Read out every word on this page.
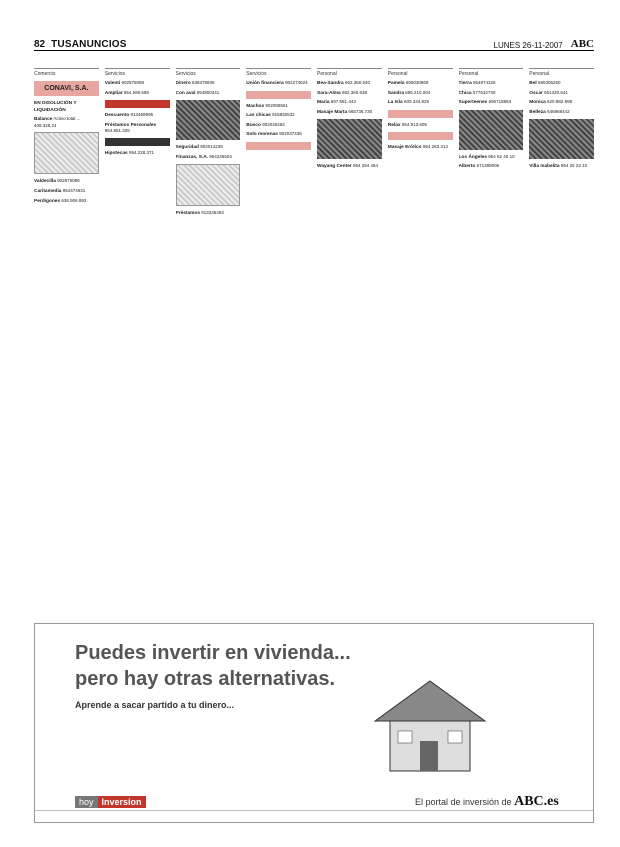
82 TUSANUNCIOS	LUNES 26-11-2007 ABC
Comercio
CONAVI, S.A.

EN DISOLUCIÓN Y LIQUIDACIÓN

Balance Activo total ... 409.328,24

Valdecilla 902875088

Caritamedia 954474631

Perdigones 636.906.893

Servicios

Valenti 902875088

Ampliar 954.599.598

Descuento 913469995

Préstamos Personales 954.851.326

Hipotecas 954.228.371

Servicios

Dinero 639378935

Con aval 954800341

Seguridad 902014235

Finanzas, S.A. 954226604

Préstamos 913335493

Servicios

Unión financiera 902274624

Machos 902055561

Las chicas 915830532

Busco 902026462

Solo morenas 902037436

Personal

Bea-Sandra 662.360.640

Sara-Alma 662.360.638

Maria 697.581.444

Masaje Marta 665738.730

Wayang Center 954 294 464

Personal

Pamela 655030869

Sandra 695.210.004

La Isla 600.334.829

Relax 954.913.605

Masaje Erótico 954.263.313

Personal

Tierra 954974326

Chica 677632730

Superteenes 690718863

Los Ángeles 954 62 45 10

Alberto 671389006

Personal

Bel 665306260

Oscar 651320.641

Monica 620.982.998

Belleza 646968442

Villa Isabelita 954 25 22 10

Puedes invertir en vivienda...
pero hay otras alternativas.
Aprende a sacar partido a tu dinero...
hoy Inversion	El portal de inversión de ABC.es
